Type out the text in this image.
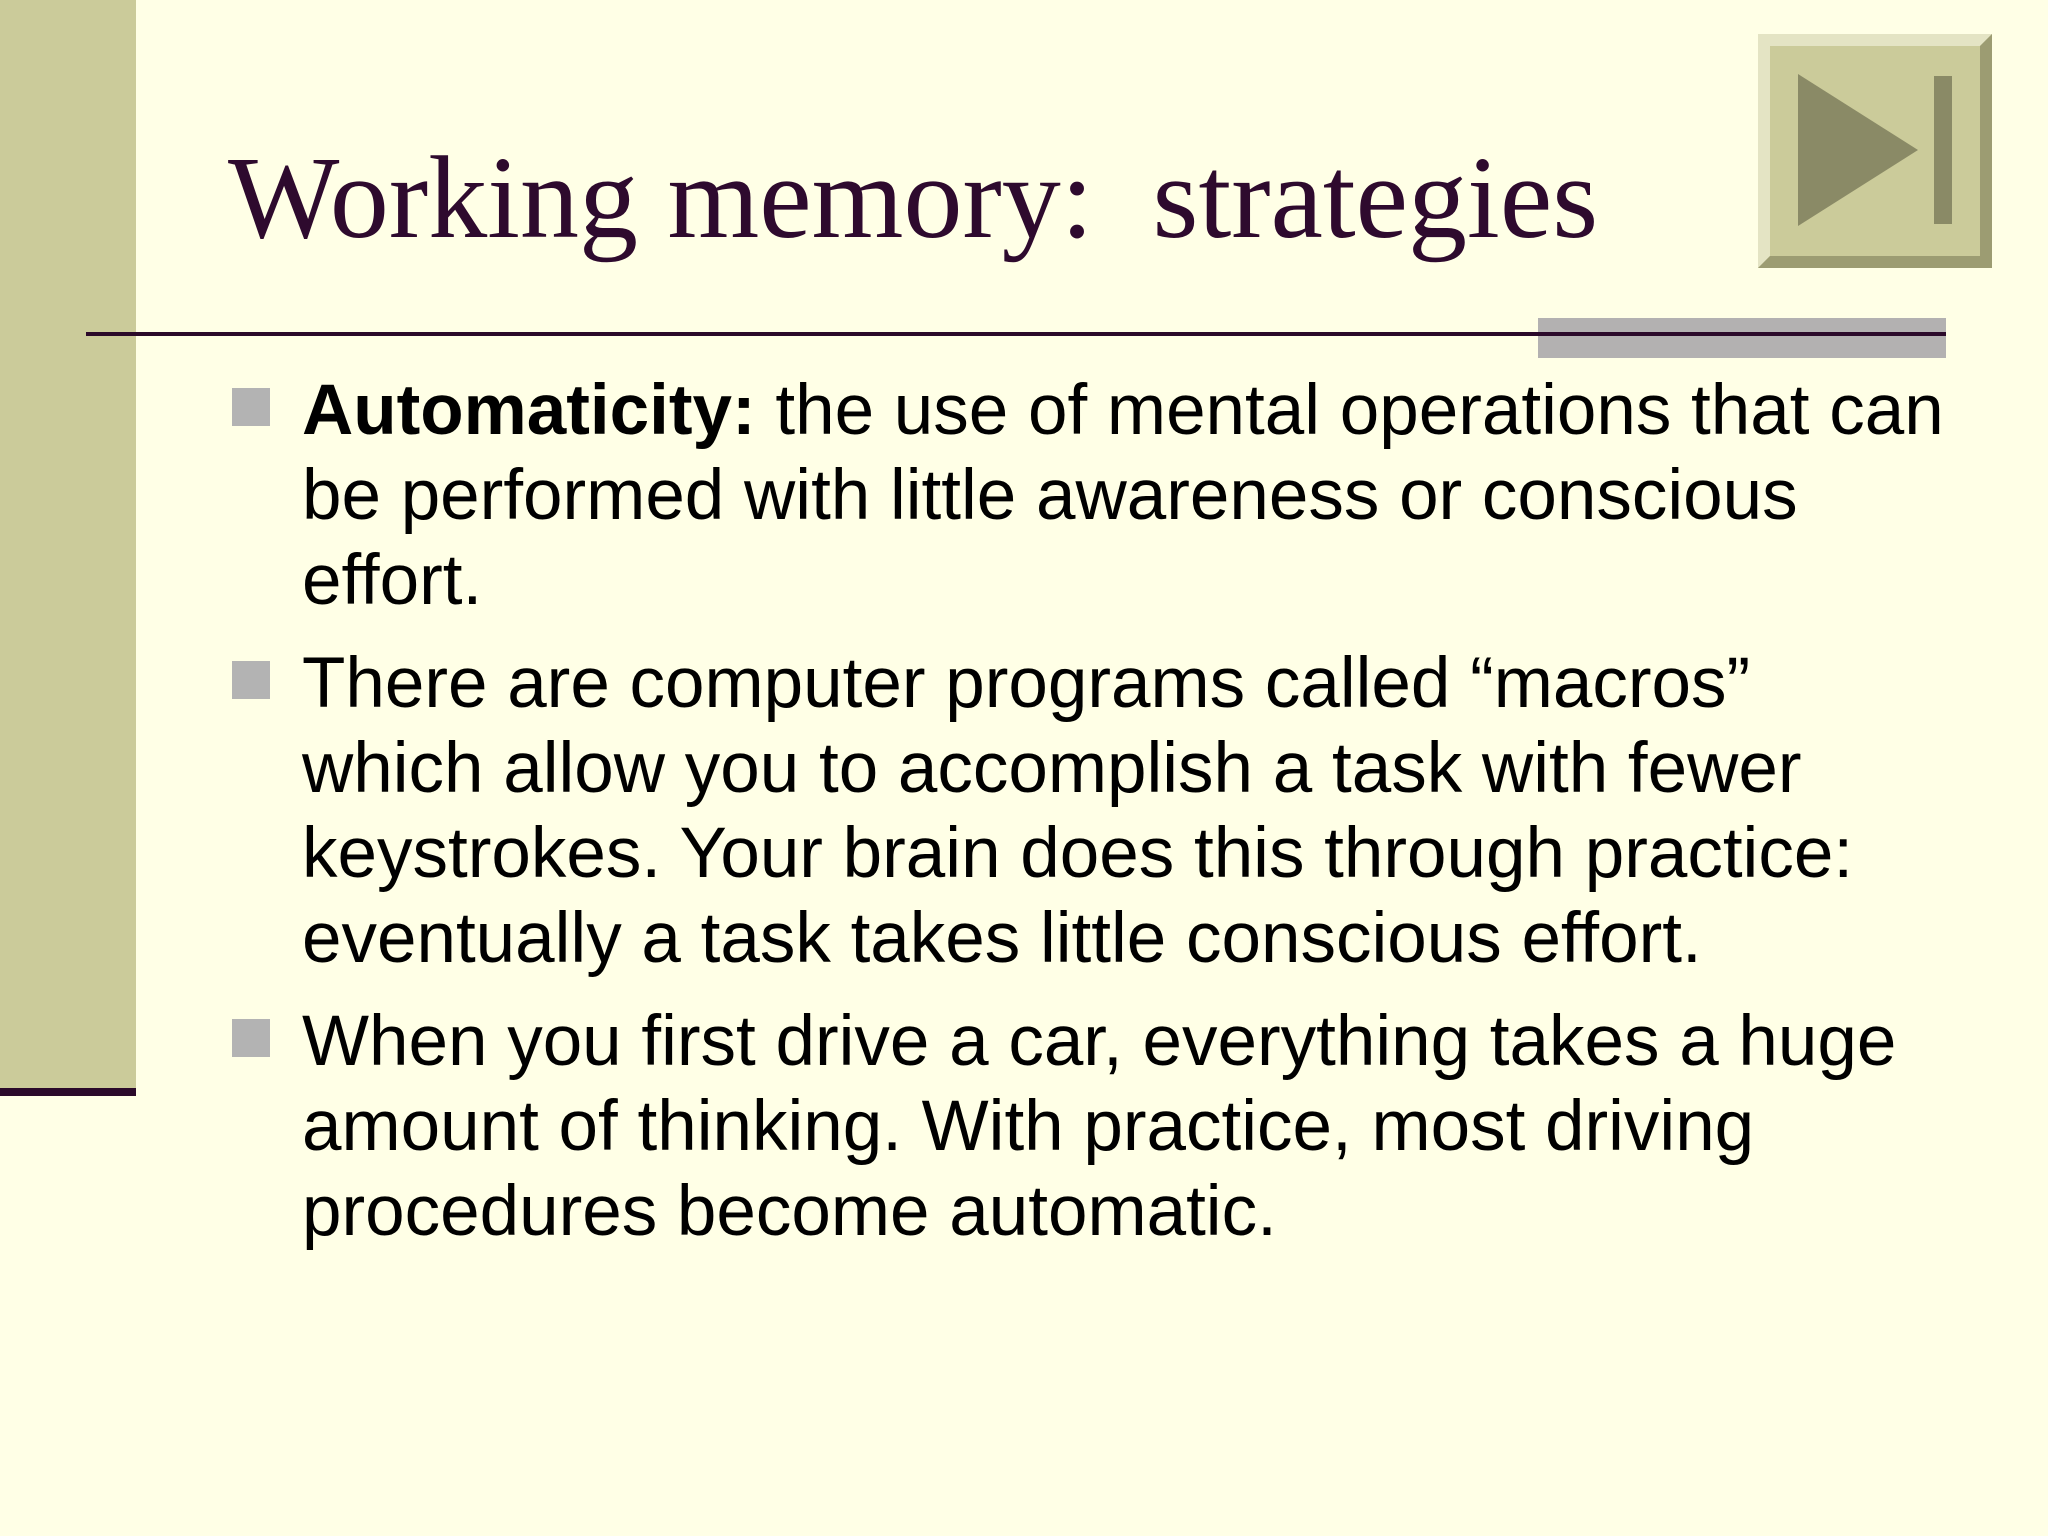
Working memory:  strategies
Automaticity: the use of mental operations that can be performed with little awareness or conscious effort.
There are computer programs called “macros” which allow you to accomplish a task with fewer keystrokes. Your brain does this through practice: eventually a task takes little conscious effort.
When you first drive a car, everything takes a huge amount of thinking. With practice, most driving procedures become automatic.
